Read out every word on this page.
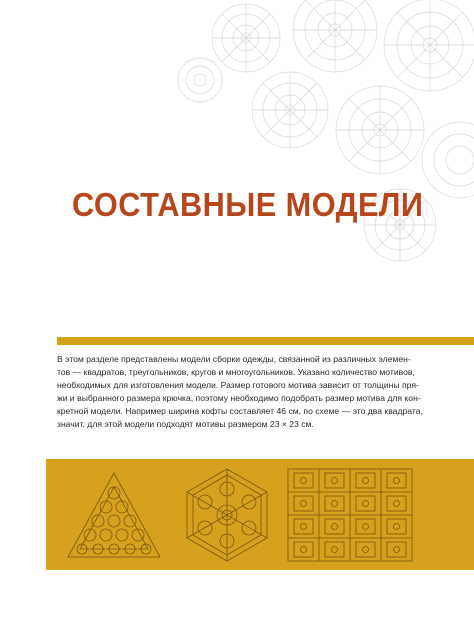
СОСТАВНЫЕ МОДЕЛИ

В этом разделе представлены модели сборки одежды, связанной из различных элемен-

тов — квадратов, треугольников, кругов и многоугольников. Указано количество мотивов,

необходимых для изготовления модели. Размер готового мотива зависит от толщины пря-

жи и выбранного размера крючка, поэтому необходимо подобрать размер мотива для кон-

кретной модели. Например ширина кофты составляет 46 см, по схеме — это два квадрата,

значит, для этой модели подходят мотивы размером 23 × 23 см.
